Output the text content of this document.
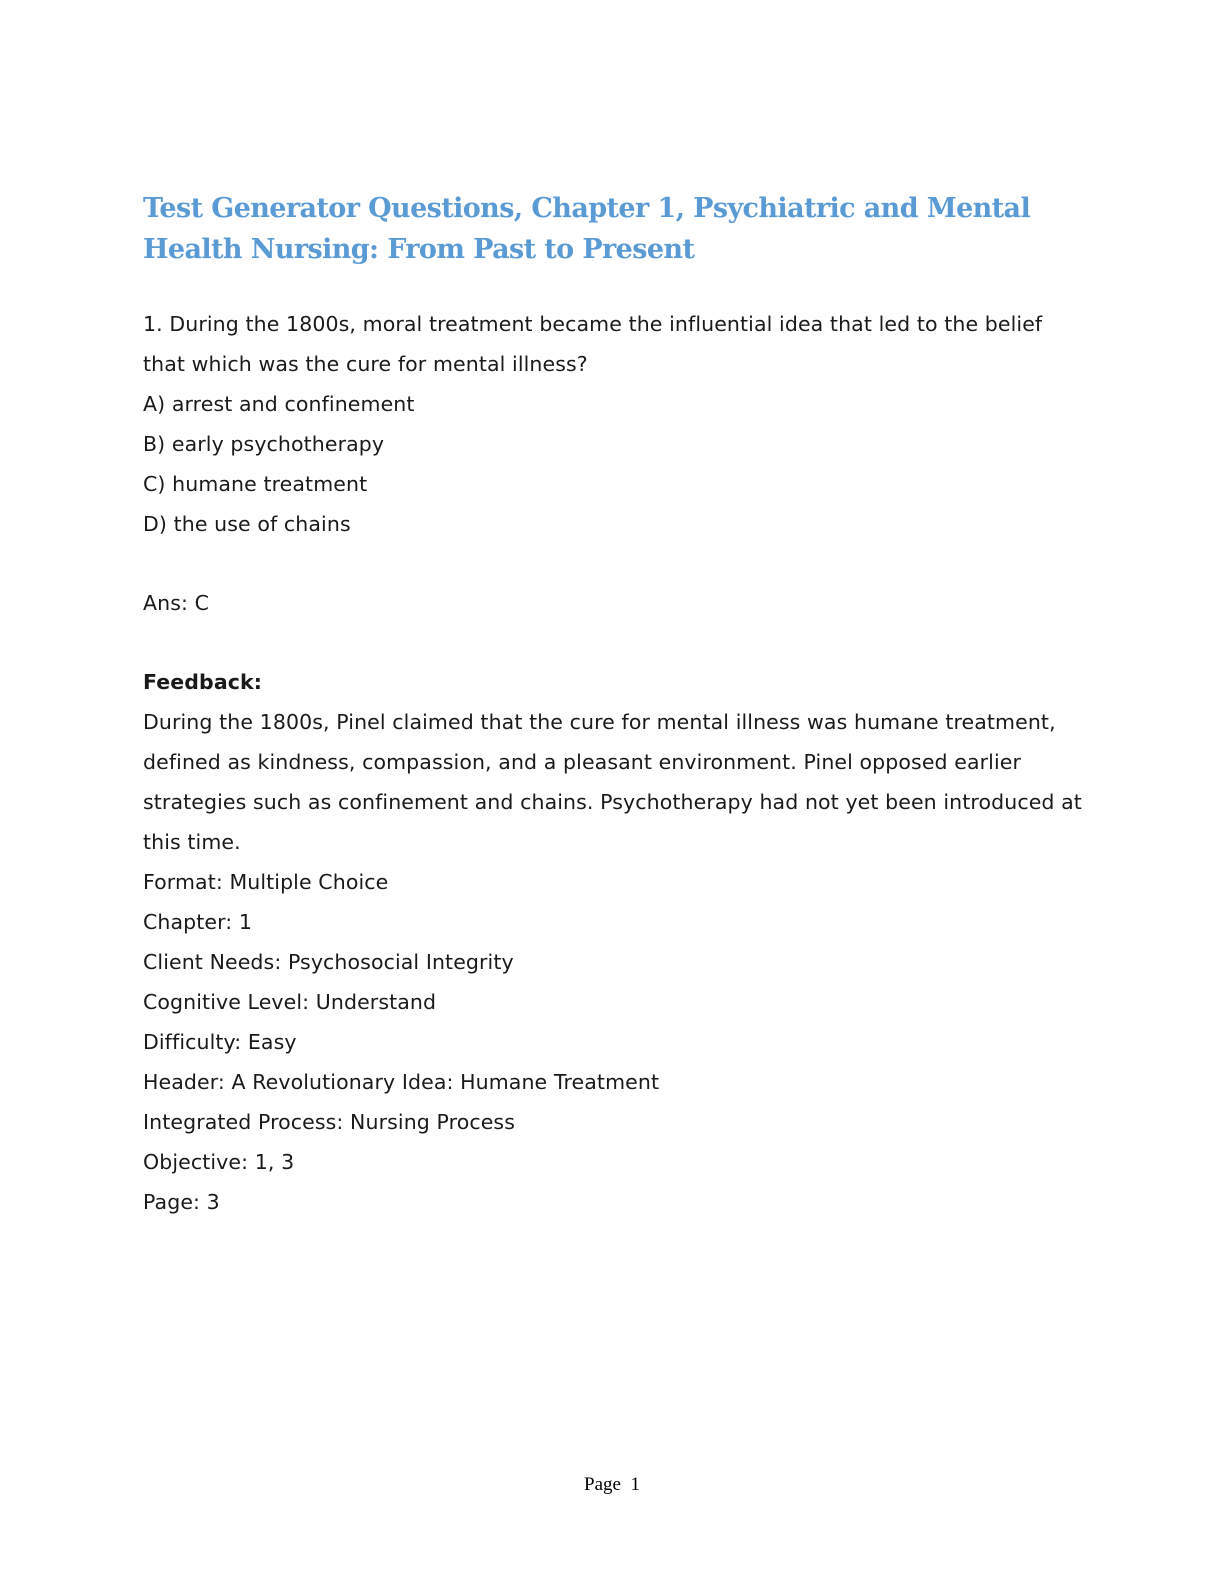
Test Generator Questions, Chapter 1, Psychiatric and Mental Health Nursing: From Past to Present
1. During the 1800s, moral treatment became the influential idea that led to the belief that which was the cure for mental illness?
A) arrest and confinement
B) early psychotherapy
C) humane treatment
D) the use of chains
Ans: C
Feedback:
During the 1800s, Pinel claimed that the cure for mental illness was humane treatment, defined as kindness, compassion, and a pleasant environment. Pinel opposed earlier strategies such as confinement and chains. Psychotherapy had not yet been introduced at this time.
Format: Multiple Choice
Chapter: 1
Client Needs: Psychosocial Integrity
Cognitive Level: Understand
Difficulty: Easy
Header: A Revolutionary Idea: Humane Treatment
Integrated Process: Nursing Process
Objective: 1, 3
Page: 3
Page 1
